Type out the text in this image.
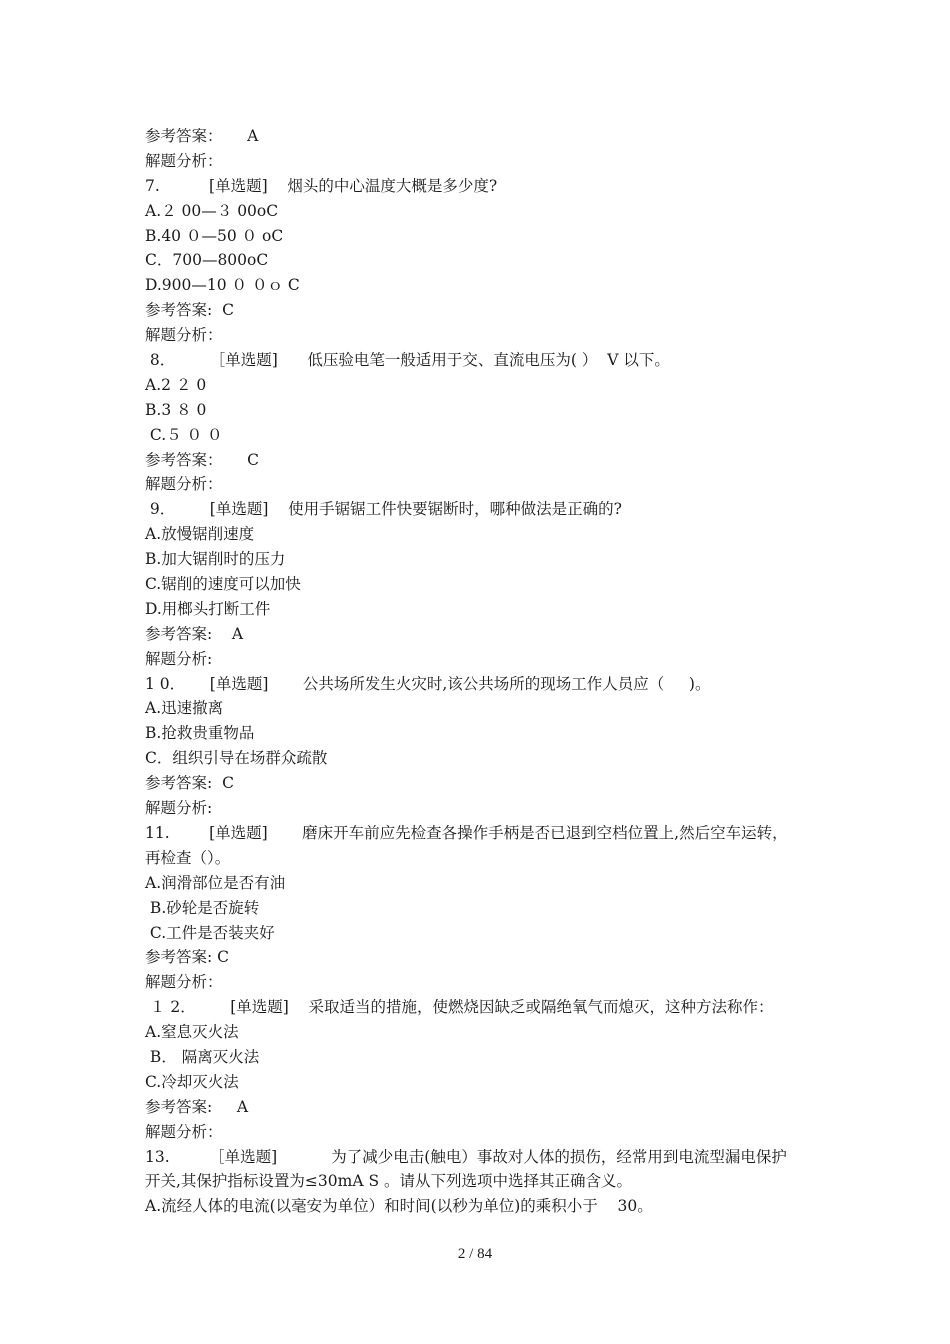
参考答案：     A
解题分析：
7.          [单选题]    烟头的中心温度大概是多少度?
A.２ 00—３ 00oC
B.40 ０—50 ０ oC
C．700—800oC
D.900—10 ０ ０ｏ C
参考答案:  C
解题分析：
8．       ［单选题]      低压验电笔一般适用于交、直流电压为( ）  V 以下。
A.2 ２ 0
B.3 ８ 0
C.５ ０ ０
参考答案：     C
解题分析：
9．       [单选题]    使用手锯锯工件快要锯断时，哪种做法是正确的?
A.放慢锯削速度
B.加大锯削时的压力
C.锯削的速度可以加快
D.用榔头打断工件
参考答案:    A
解题分析:
1 0．     [单选题]       公共场所发生火灾时,该公共场所的现场工作人员应（     )。
A.迅速撤离
B.抢救贵重物品
C．组织引导在场群众疏散
参考答案:  C
解题分析:
11.        [单选题]       磨床开车前应先检查各操作手柄是否已退到空档位置上,然后空车运转，
再检查（）。
A.润滑部位是否有油
B.砂轮是否旋转
C.工件是否装夹好
参考答案: C
解题分析：
１ 2．       [单选题]    采取适当的措施，使燃烧因缺乏或隔绝氧气而熄灭，这种方法称作：
A.窒息灭火法
B． 隔离灭火法
C.冷却灭火法
参考答案:     A
解题分析：
13.        ［单选题]           为了减少电击(触电）事故对人体的损伤，经常用到电流型漏电保护
开关,其保护指标设置为≤30mA S 。请从下列选项中选择其正确含义。
A.流经人体的电流(以毫安为单位）和时间(以秒为单位)的乘积小于    30。
2 / 84
